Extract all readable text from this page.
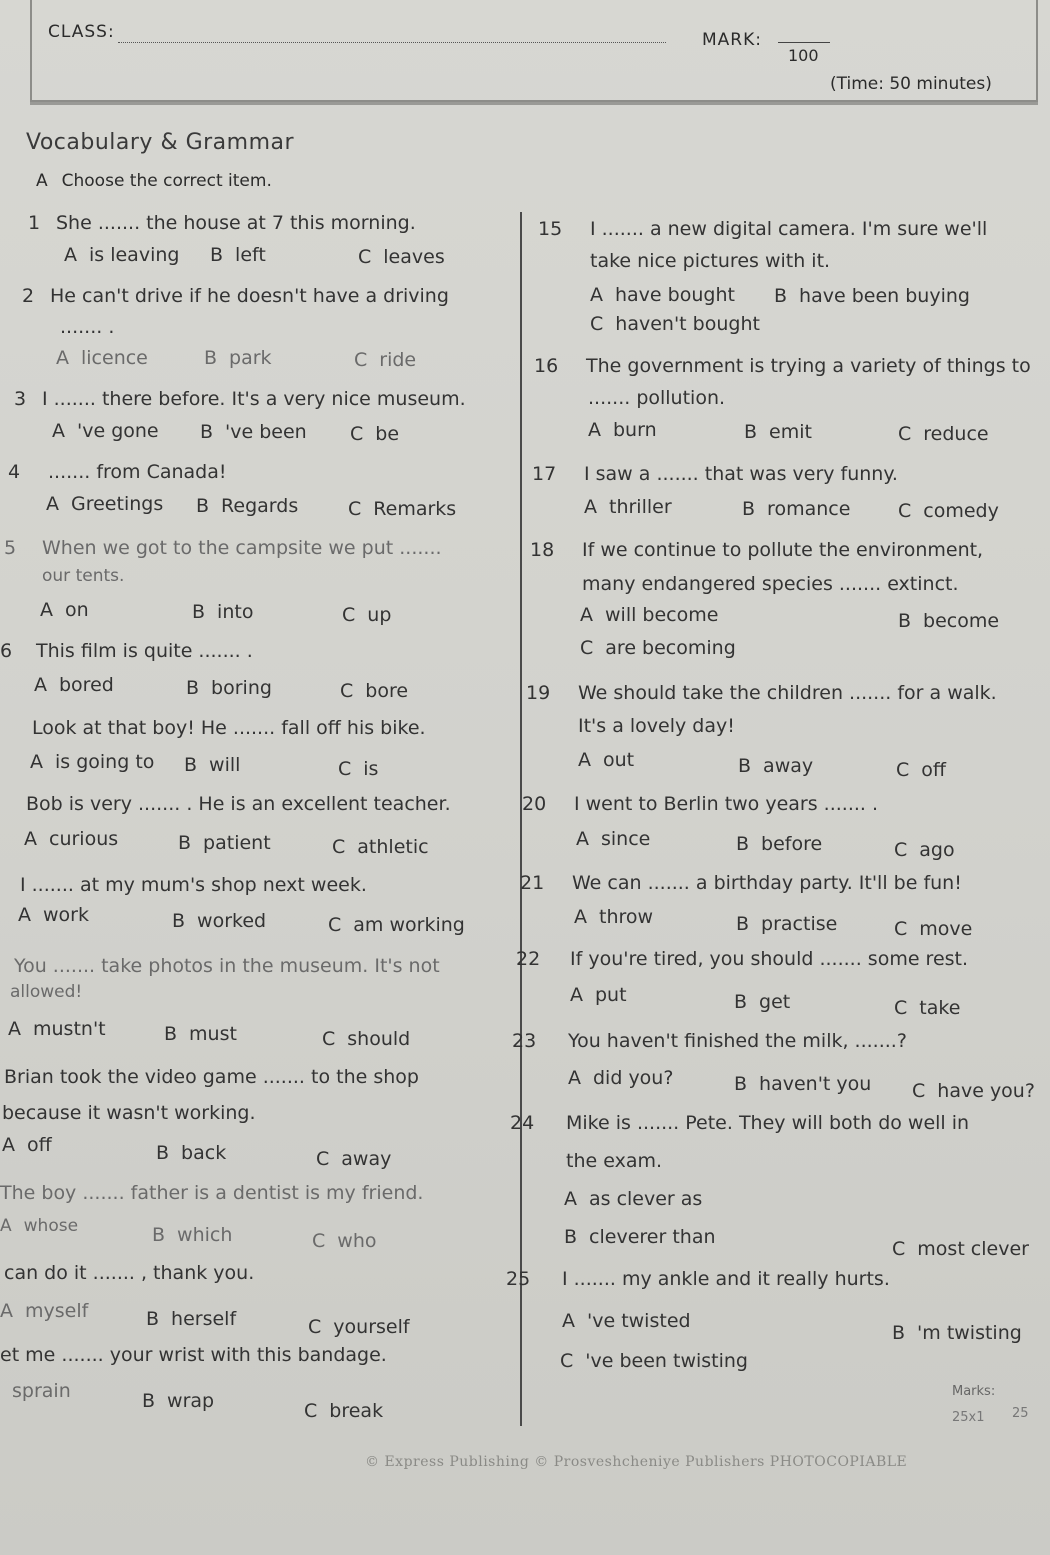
CLASS:	MARK:
100
(Time: 50 minutes)
Vocabulary & Grammar
A Choose the correct item.
1 She ....... the house at 7 this morning.
A is leaving B left	C leaves
2 He can't drive if he doesn't have a driving
....... .
A licence	B park	C ride
3 I ....... there before. It's a very nice museum.
A 've gone B 've been C be
4 ....... from Canada!
A Greetings B Regards	C Remarks
5 When we got to the campsite we put .......
our tents.
A on	B into	C up
6 This film is quite ....... .
A bored	B boring	C bore
Look at that boy! He ....... fall off his bike.
A is going to B will	C is
Bob is very ....... . He is an excellent teacher.
A curious	B patient	C athletic
I ....... at my mum's shop next week.
A work	B worked	C am working
You ....... take photos in the museum. It's not
allowed!
A mustn't	B must	C should
Brian took the video game ....... to the shop
because it wasn't working.
A off	B back	C away
The boy ....... father is a dentist is my friend.
A whose	B which	C who
can do it ....... , thank you.
A myself	B herself	C yourself
et me ....... your wrist with this bandage.
sprain	B wrap	C break
15 I ....... a new digital camera. I'm sure we'll
take nice pictures with it.
A have bought B have been buying
C haven't bought
16 The government is trying a variety of things to
....... pollution.
A burn	B emit	C reduce
17 I saw a ....... that was very funny.
A thriller	B romance	C comedy
18 If we continue to pollute the environment,
many endangered species ....... extinct.
A will become	B become
C are becoming
19 We should take the children ....... for a walk.
It's a lovely day!
A out	B away	C off
20 I went to Berlin two years ....... .
A since	B before	C ago
21 We can ....... a birthday party. It'll be fun!
A throw	B practise	C move
22 If you're tired, you should ....... some rest.
A put	B get	C take
23 You haven't finished the milk, .......?
A did you?	B haven't you C have you?
24 Mike is ....... Pete. They will both do well in
the exam.
A as clever as
B cleverer than
C most clever
25 I ....... my ankle and it really hurts.
A 've twisted
B 'm twisting
C 've been twisting
Marks:
25x1 25
© Express Publishing © Prosveshcheniye Publishers PHOTOCOPIABLE
